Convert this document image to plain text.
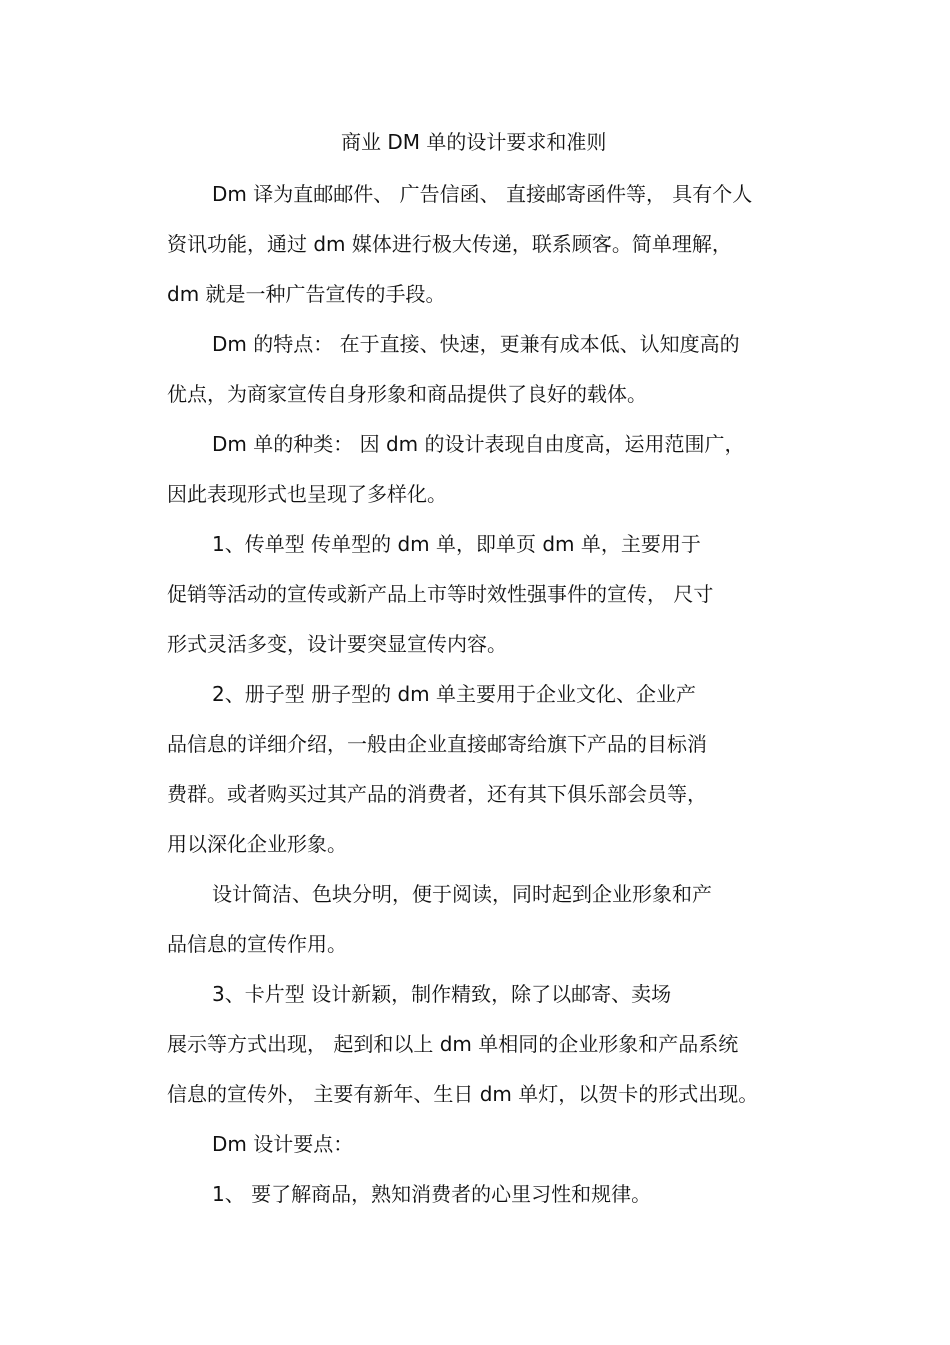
商业 DM 单的设计要求和准则
Dm 译为直邮邮件、 广告信函、 直接邮寄函件等， 具有个人
资讯功能，通过 dm 媒体进行极大传递，联系顾客。简单理解，
dm 就是一种广告宣传的手段。
Dm 的特点： 在于直接、快速，更兼有成本低、认知度高的
优点，为商家宣传自身形象和商品提供了良好的载体。
Dm 单的种类： 因 dm 的设计表现自由度高，运用范围广，
因此表现形式也呈现了多样化。
1、传单型 传单型的 dm 单，即单页 dm 单，主要用于
促销等活动的宣传或新产品上市等时效性强事件的宣传， 尺寸
形式灵活多变，设计要突显宣传内容。
2、册子型 册子型的 dm 单主要用于企业文化、企业产
品信息的详细介绍，一般由企业直接邮寄给旗下产品的目标消
费群。或者购买过其产品的消费者，还有其下俱乐部会员等，
用以深化企业形象。
设计简洁、色块分明，便于阅读，同时起到企业形象和产
品信息的宣传作用。
3、卡片型 设计新颖，制作精致，除了以邮寄、卖场
展示等方式出现， 起到和以上 dm 单相同的企业形象和产品系统
信息的宣传外， 主要有新年、生日 dm 单灯，以贺卡的形式出现。
Dm 设计要点：
1、 要了解商品，熟知消费者的心里习性和规律。
